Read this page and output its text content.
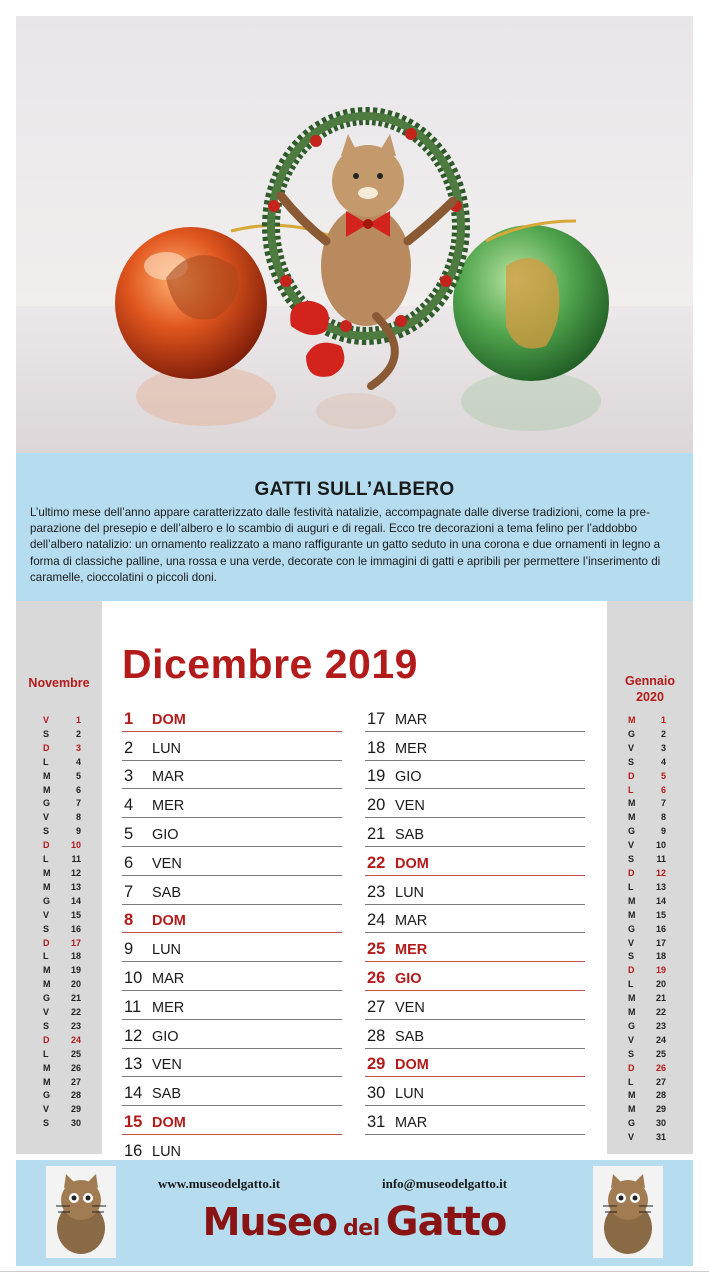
GATTI SULL’ALBERO
L’ultimo mese dell’anno appare caratterizzato dalle festività natalizie, accompagnate dalle diverse tradizioni, come la pre-
parazione del presepio e dell’albero e lo scambio di auguri e di regali. Ecco tre decorazioni a tema felino per l’addobbo
dell’albero natalizio: un ornamento realizzato a mano raffigurante un gatto seduto in una corona e due ornamenti in legno a
forma di classiche palline, una rossa e una verde, decorate con le immagini di gatti e apribili per permettere l’inserimento di
caramelle, cioccolatini o piccoli doni.
Novembre
V	1
S	2
D	3
L	4
M	5
M	6
G	7
V	8
S	9
D	10
L	11
M	12
M	13
G	14
V	15
S	16
D	17
L	18
M	19
M	20
G	21
V	22
S	23
D	24
L	25
M	26
M	27
G	28
V	29
S	30
Gennaio
2020
M	1
G	2
V	3
S	4
D	5
L	6
M	7
M	8
G	9
V	10
S	11
D	12
L	13
M	14
M	15
G	16
V	17
S	18
D	19
L	20
M	21
M	22
G	23
V	24
S	25
D	26
L	27
M	28
M	29
G	30
V	31
Dicembre 2019
1 DOM
2 LUN
3 MAR
4 MER
5 GIO
6 VEN
7 SAB
8 DOM
9 LUN
10 MAR
11 MER
12 GIO
13 VEN
14 SAB
15 DOM
16 LUN
17 MAR
18 MER
19 GIO
20 VEN
21 SAB
22 DOM
23 LUN
24 MAR
25 MER
26 GIO
27 VEN
28 SAB
29 DOM
30 LUN
31 MAR
www.museodelgatto.it	info@museodelgatto.it
Museo del Gatto
